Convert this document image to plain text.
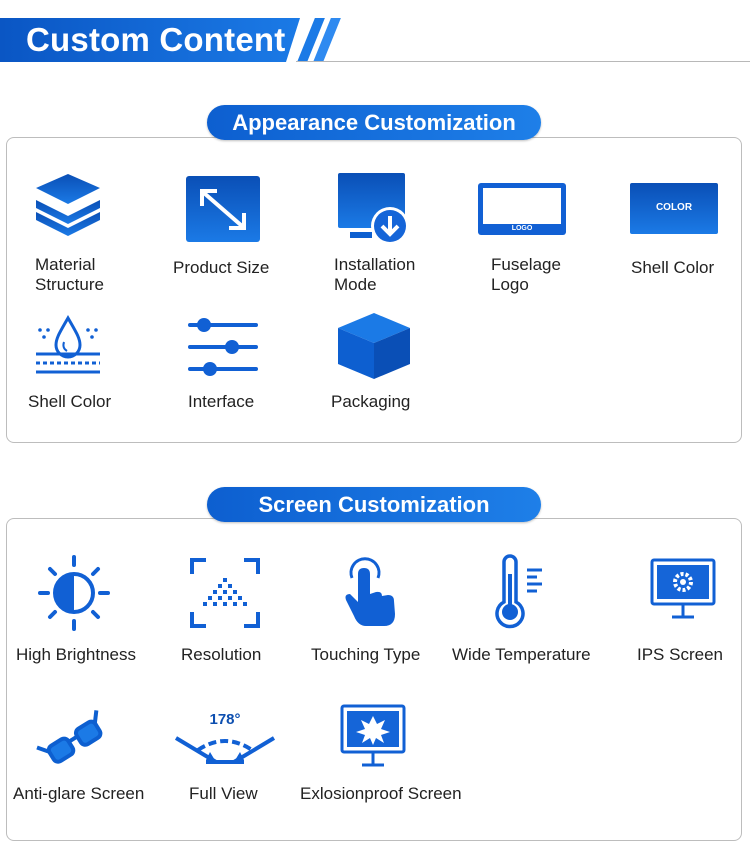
Custom Content
Appearance Customization
Material
Structure
Product Size	Installation
Mode
LOGO
Fuselage
Logo
COLOR
Shell Color
Shell Color	Interface	Packaging
Screen Customization
High Brightness	Resolution	Touching Type Wide Temperature	IPS Screen
Anti-glare Screen
178°
Full View Exlosionproof Screen
